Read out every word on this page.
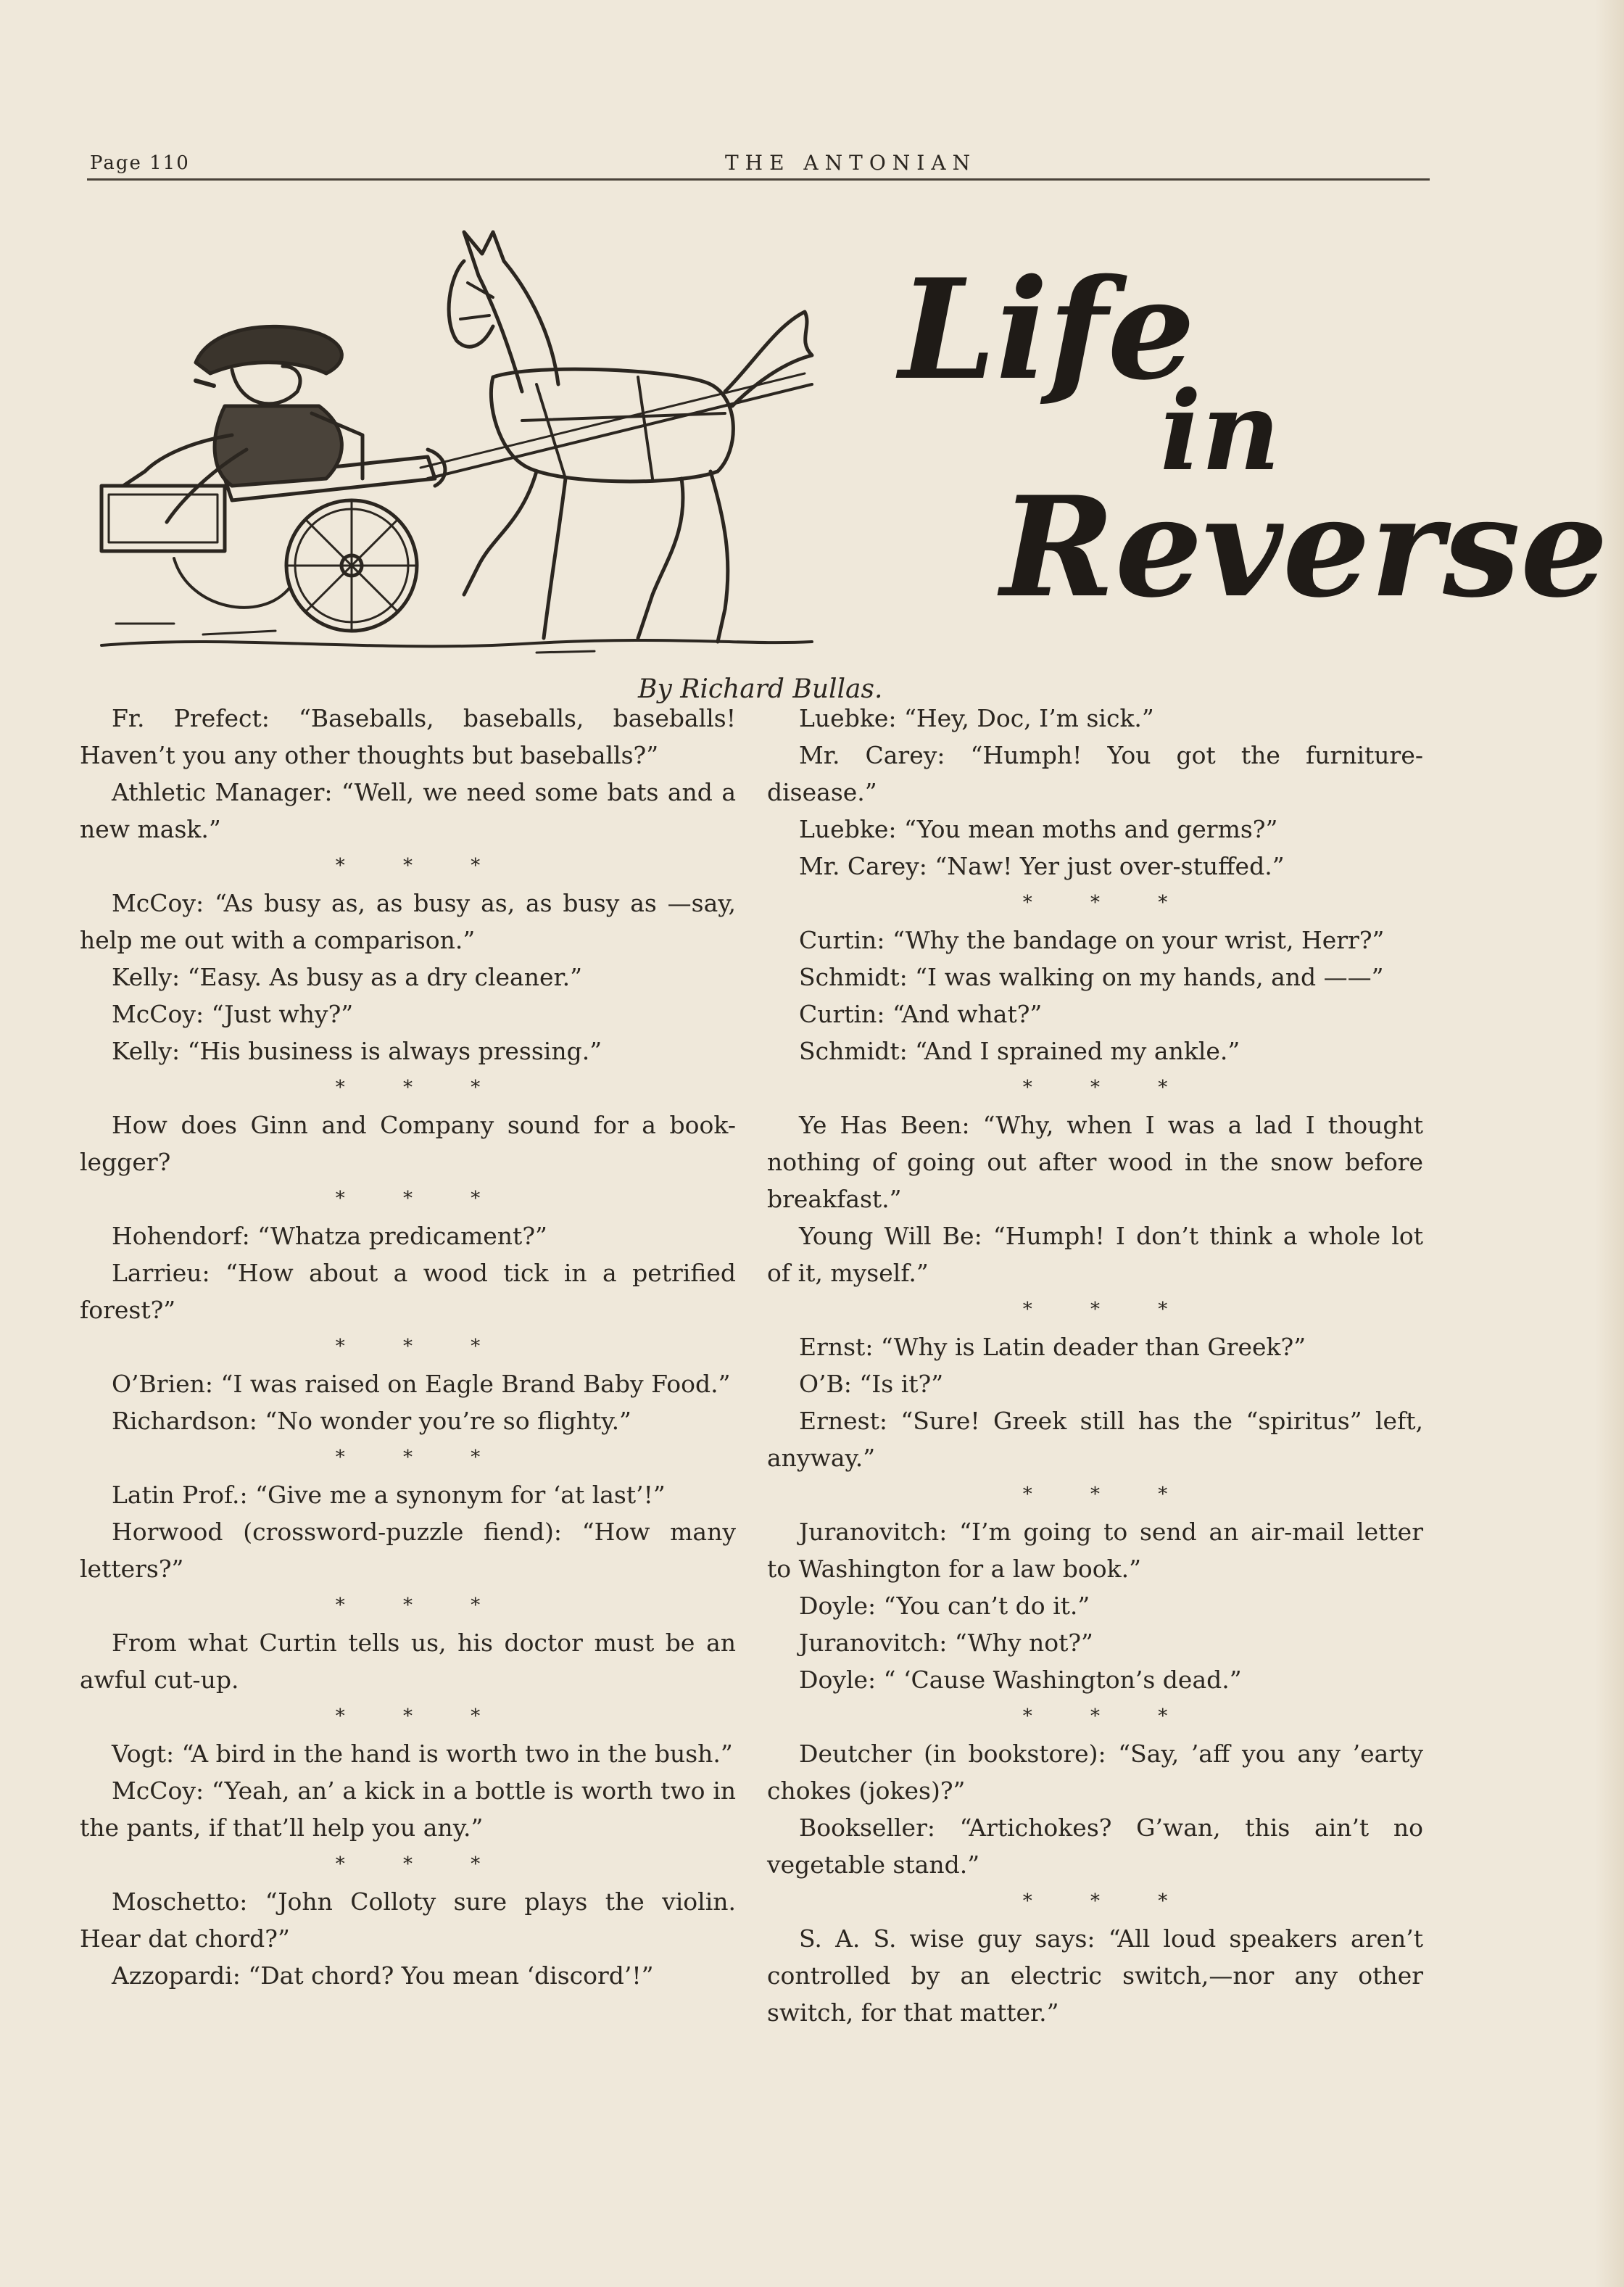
Page 110	THE ANTONIAN
Life
in
Reverse
By Richard Bullas.

Fr. Prefect: “Baseballs, baseballs, baseballs! Haven’t you any other thoughts but baseballs?”

Athletic Manager: “Well, we need some bats and a new mask.”

* * *

McCoy: “As busy as, as busy as, as busy as —say, help me out with a comparison.”

Kelly: “Easy. As busy as a dry cleaner.”

McCoy: “Just why?”

Kelly: “His business is always pressing.”

* * *

How does Ginn and Company sound for a book-legger?

* * *

Hohendorf: “Whatza predicament?”

Larrieu: “How about a wood tick in a petrified forest?”

* * *

O’Brien: “I was raised on Eagle Brand Baby Food.”

Richardson: “No wonder you’re so flighty.”

* * *

Latin Prof.: “Give me a synonym for ‘at last’!”

Horwood (crossword-puzzle fiend): “How many letters?”

* * *

From what Curtin tells us, his doctor must be an awful cut-up.

* * *

Vogt: “A bird in the hand is worth two in the bush.”

McCoy: “Yeah, an’ a kick in a bottle is worth two in the pants, if that’ll help you any.”

* * *

Moschetto: “John Colloty sure plays the violin. Hear dat chord?”

Azzopardi: “Dat chord? You mean ‘discord’!”

Luebke: “Hey, Doc, I’m sick.”

Mr. Carey: “Humph! You got the furniture-disease.”

Luebke: “You mean moths and germs?”

Mr. Carey: “Naw! Yer just over-stuffed.”

* * *

Curtin: “Why the bandage on your wrist, Herr?”

Schmidt: “I was walking on my hands, and ——”

Curtin: “And what?”

Schmidt: “And I sprained my ankle.”

* * *

Ye Has Been: “Why, when I was a lad I thought nothing of going out after wood in the snow before breakfast.”

Young Will Be: “Humph! I don’t think a whole lot of it, myself.”

* * *

Ernst: “Why is Latin deader than Greek?”

O’B: “Is it?”

Ernest: “Sure! Greek still has the “spiritus” left, anyway.”

* * *

Juranovitch: “I’m going to send an air-mail letter to Washington for a law book.”

Doyle: “You can’t do it.”

Juranovitch: “Why not?”

Doyle: “ ‘Cause Washington’s dead.”

* * *

Deutcher (in bookstore): “Say, ’aff you any ’earty chokes (jokes)?”

Bookseller: “Artichokes? G’wan, this ain’t no vegetable stand.”

* * *

S. A. S. wise guy says: “All loud speakers aren’t controlled by an electric switch,—nor any other switch, for that matter.”
